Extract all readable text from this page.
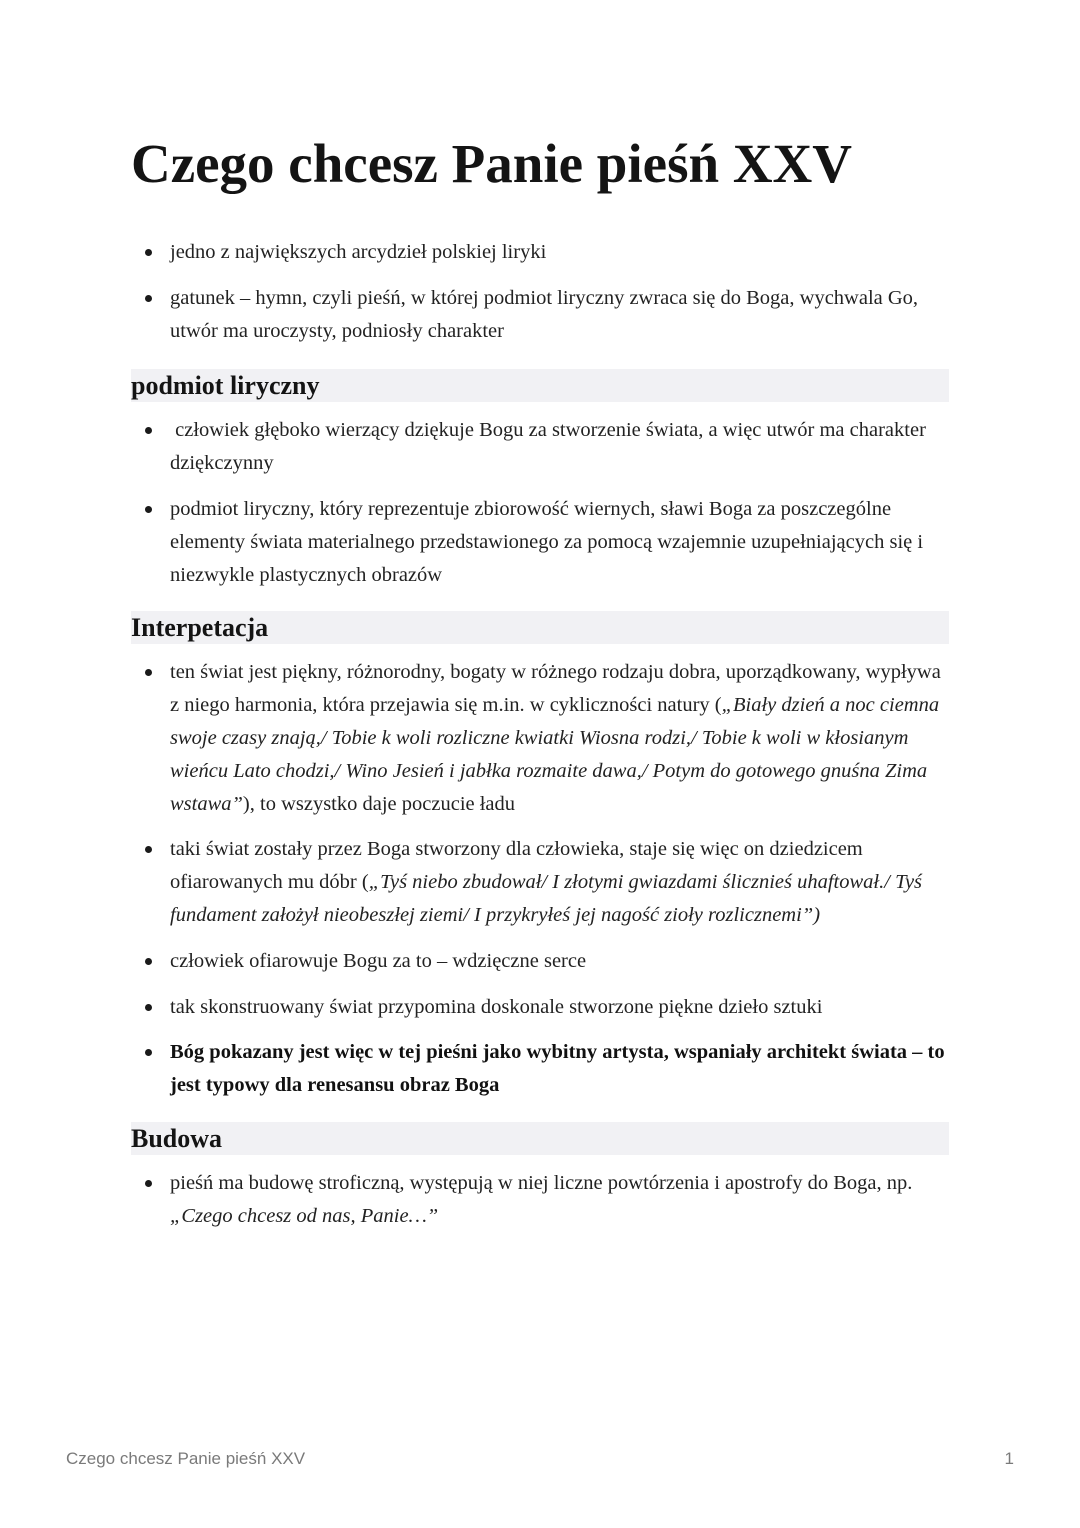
Czego chcesz Panie pieśń XXV
jedno z największych arcydzieł polskiej liryki
gatunek – hymn, czyli pieśń, w której podmiot liryczny zwraca się do Boga, wychwala Go, utwór ma uroczysty, podniosły charakter
podmiot liryczny
człowiek głęboko wierzący dziękuje Bogu za stworzenie świata, a więc utwór ma charakter dziękczynny
podmiot liryczny, który reprezentuje zbiorowość wiernych, sławi Boga za poszczególne elementy świata materialnego przedstawionego za pomocą wzajemnie uzupełniających się i niezwykle plastycznych obrazów
Interpetacja
ten świat jest piękny, różnorodny, bogaty w różnego rodzaju dobra, uporządkowany, wypływa z niego harmonia, która przejawia się m.in. w cykliczności natury („Biały dzień a noc ciemna swoje czasy znają,/ Tobie k woli rozliczne kwiatki Wiosna rodzi,/ Tobie k woli w kłosianym wieńcu Lato chodzi,/ Wino Jesień i jabłka rozmaite dawa,/ Potym do gotowego gnuśna Zima wstawa”), to wszystko daje poczucie ładu
taki świat zostały przez Boga stworzony dla człowieka, staje się więc on dziedzicem ofiarowanych mu dóbr („Tyś niebo zbudował/ I złotymi gwiazdami ślicznieś uhaftował./ Tyś fundament założył nieobeszłej ziemi/ I przykryłeś jej nagość zioły rozlicznemi”)
człowiek ofiarowuje Bogu za to – wdzięczne serce
tak skonstruowany świat przypomina doskonale stworzone piękne dzieło sztuki
Bóg pokazany jest więc w tej pieśni jako wybitny artysta, wspaniały architekt świata – to jest typowy dla renesansu obraz Boga
Budowa
pieśń ma budowę stroficzną, występują w niej liczne powtórzenia i apostrofy do Boga, np. „Czego chcesz od nas, Panie…”
Czego chcesz Panie pieśń XXV	1
